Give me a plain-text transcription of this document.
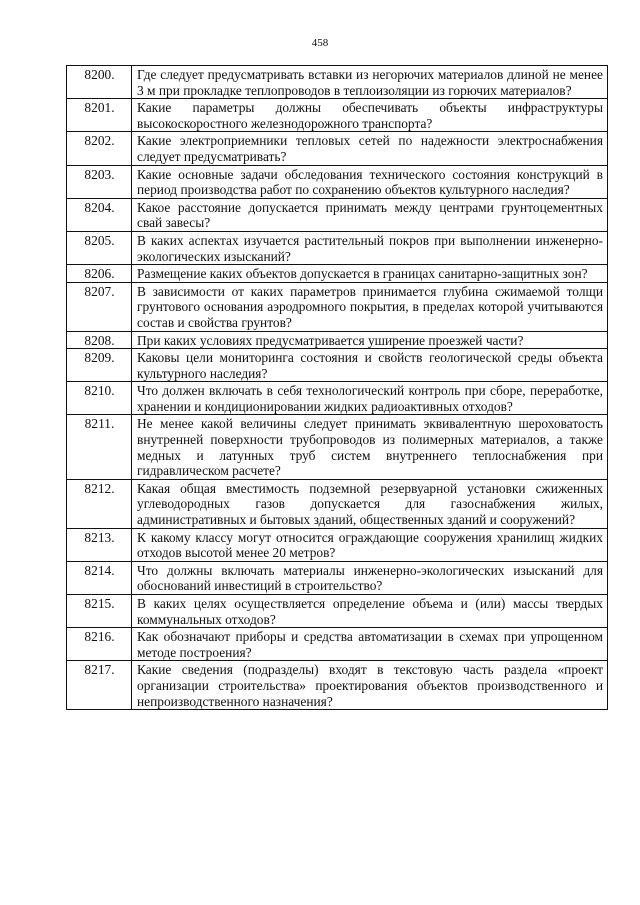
458
8200.	Где следует предусматривать вставки из негорючих материалов длиной не менее 3 м при прокладке теплопроводов в теплоизоляции из горючих материалов?
8201.	Какие параметры должны обеспечивать объекты инфраструктуры высокоскоростного железнодорожного транспорта?
8202.	Какие электроприемники тепловых сетей по надежности электроснабжения следует предусматривать?
8203.	Какие основные задачи обследования технического состояния конструкций в период производства работ по сохранению объектов культурного наследия?
8204.	Какое расстояние допускается принимать между центрами грунтоцементных свай завесы?
8205.	В каких аспектах изучается растительный покров при выполнении инженерно-экологических изысканий?
8206.	Размещение каких объектов допускается в границах санитарно-защитных зон?
8207.	В зависимости от каких параметров принимается глубина сжимаемой толщи грунтового основания аэродромного покрытия, в пределах которой учитываются состав и свойства грунтов?
8208.	При каких условиях предусматривается уширение проезжей части?
8209.	Каковы цели мониторинга состояния и свойств геологической среды объекта культурного наследия?
8210.	Что должен включать в себя технологический контроль при сборе, переработке, хранении и кондиционировании жидких радиоактивных отходов?
8211.	Не менее какой величины следует принимать эквивалентную шероховатость внутренней поверхности трубопроводов из полимерных материалов, а также медных и латунных труб систем внутреннего теплоснабжения при гидравлическом расчете?
8212.	Какая общая вместимость подземной резервуарной установки сжиженных углеводородных газов допускается для газоснабжения жилых, административных и бытовых зданий, общественных зданий и сооружений?
8213.	К какому классу могут относится ограждающие сооружения хранилищ жидких отходов высотой менее 20 метров?
8214.	Что должны включать материалы инженерно-экологических изысканий для обоснований инвестиций в строительство?
8215.	В каких целях осуществляется определение объема и (или) массы твердых коммунальных отходов?
8216.	Как обозначают приборы и средства автоматизации в схемах при упрощенном методе построения?
8217.	Какие сведения (подразделы) входят в текстовую часть раздела «проект организации строительства» проектирования объектов производственного и непроизводственного назначения?
